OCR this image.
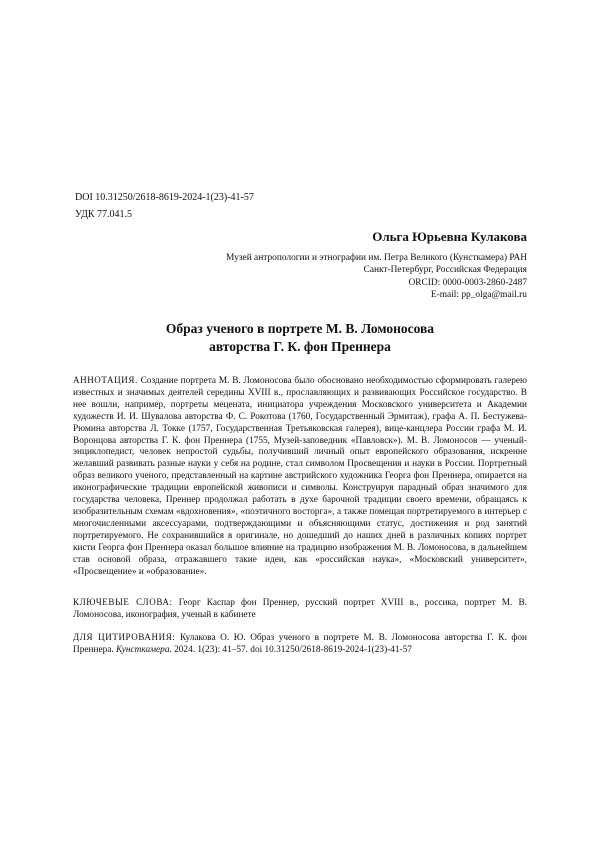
DOI 10.31250/2618-8619-2024-1(23)-41-57
УДК 77.041.5
Ольга Юрьевна Кулакова
Музей антропологии и этнографии им. Петра Великого (Кунсткамера) РАН
Санкт-Петербург, Российская Федерация
ORCID: 0000-0003-2860-2487
E-mail: pp_olga@mail.ru
Образ ученого в портрете М. В. Ломоносова
авторства Г. К. фон Преннера
АННОТАЦИЯ. Создание портрета М. В. Ломоносова было обосновано необходимостью сформировать галерею известных и значимых деятелей середины XVIII в., прославляющих и развивающих Российское государство. В нее вошли, например, портреты мецената, инициатора учреждения Московского университета и Академии художеств И. И. Шувалова авторства Ф. С. Рокотова (1760, Государственный Эрмитаж), графа А. П. Бестужева-Рюмина авторства Л. Токке (1757, Государственная Третьяковская галерея), вице-канцлера России графа М. И. Воронцова авторства Г. К. фон Преннера (1755, Музей-заповедник «Павловск»). М. В. Ломоносов — ученый-энциклопедист, человек непростой судьбы, получивший личный опыт европейского образования, искренне желавший развивать разные науки у себя на родине, стал символом Просвещения и науки в России. Портретный образ великого ученого, представленный на картине австрийского художника Георга фон Преннера, опирается на иконографические традиции европейской живописи и символы. Конструируя парадный образ значимого для государства человека, Преннер продолжал работать в духе барочной традиции своего времени, обращаясь к изобразительным схемам «вдохновения», «поэтичного восторга», а также помещая портретируемого в интерьер с многочисленными аксессуарами, подтверждающими и объясняющими статус, достижения и род занятий портретируемого. Не сохранившийся в оригинале, но дошедший до наших дней в различных копиях портрет кисти Георга фон Преннера оказал большое влияние на традицию изображения М. В. Ломоносова, в дальнейшем став основой образа, отражавшего такие идеи, как «российская наука», «Московский университет», «Просвещение» и «образование».
КЛЮЧЕВЫЕ СЛОВА: Георг Каспар фон Преннер, русский портрет XVIII в., россика, портрет М. В. Ломоносова, иконография, ученый в кабинете
ДЛЯ ЦИТИРОВАНИЯ: Кулакова О. Ю. Образ ученого в портрете М. В. Ломоносова авторства Г. К. фон Преннера. Кунсткамера. 2024. 1(23): 41–57. doi 10.31250/2618-8619-2024-1(23)-41-57
